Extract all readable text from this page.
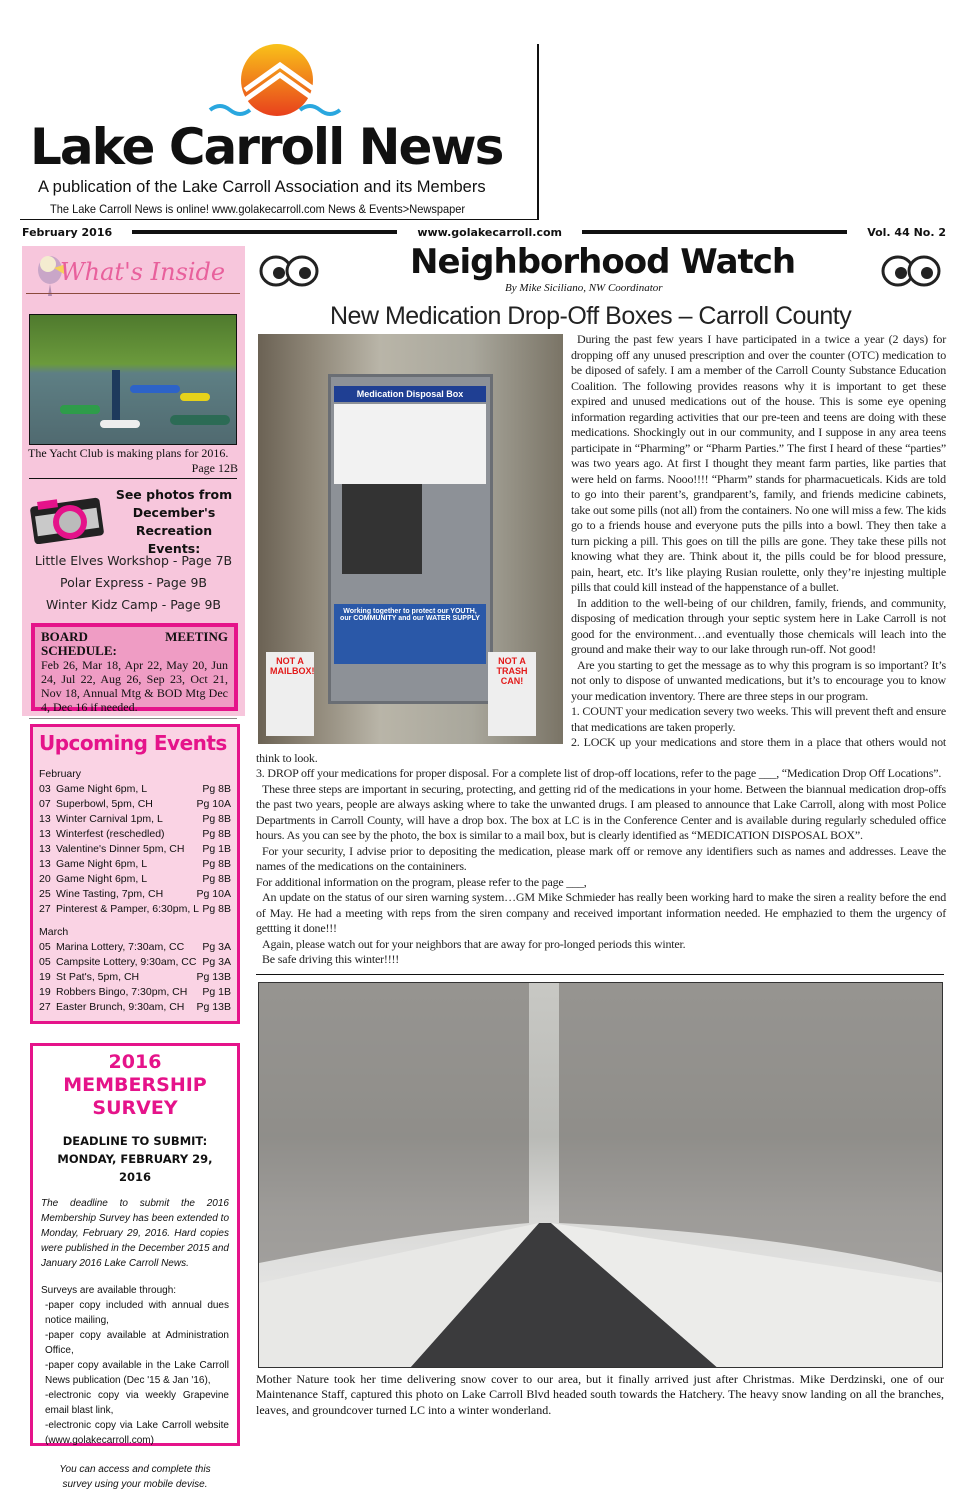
Lake Carroll News
A publication of the Lake Carroll Association and its Members
The Lake Carroll News is online! www.golakecarroll.com News & Events>Newspaper
February 2016	www.golakecarroll.com	Vol. 44 No. 2
What's Inside
The Yacht Club is making plans for 2016.
Page 12B
See photos from December's Recreation Events:
Little Elves Workshop - Page 7B
Polar Express - Page 9B
Winter Kidz Camp - Page 9B
BOARD MEETING SCHEDULE:
Feb 26, Mar 18, Apr 22, May 20, Jun 24, Jul 22, Aug 26, Sep 23, Oct 21, Nov 18, Annual Mtg & BOD Mtg Dec 4, Dec 16 if needed.
Upcoming Events
February
03 Game Night 6pm, L	Pg 8B
07 Superbowl, 5pm, CH	Pg 10A
13 Winter Carnival 1pm, L	Pg 8B
13 Winterfest (reschedled)	Pg 8B
13 Valentine's Dinner 5pm, CH	Pg 1B
13 Game Night 6pm, L	Pg 8B
20 Game Night 6pm, L	Pg 8B
25 Wine Tasting, 7pm, CH	Pg 10A
27 Pinterest & Pamper, 6:30pm, L Pg 8B
March
05 Marina Lottery, 7:30am, CC	Pg 3A
05 Campsite Lottery, 9:30am, CC Pg 3A
19 St Pat's, 5pm, CH	Pg 13B
19 Robbers Bingo, 7:30pm, CH	Pg 1B
27 Easter Brunch, 9:30am, CH	Pg 13B
2016 MEMBERSHIP SURVEY
DEADLINE TO SUBMIT: MONDAY, FEBRUARY 29, 2016
The deadline to submit the 2016 Membership Survey has been extended to Monday, February 29, 2016. Hard copies were published in the December 2015 and January 2016 Lake Carroll News.
Surveys are available through:
-paper copy included with annual dues notice mailing,
-paper copy available at Administration Office,
-paper copy available in the Lake Carroll News publication (Dec '15 & Jan '16),
-electronic copy via weekly Grapevine email blast link,
-electronic copy via Lake Carroll website (www.golakecarroll.com)
You can access and complete this survey using your mobile devise.
Neighborhood Watch
By Mike Siciliano, NW Coordinator
New Medication Drop-Off Boxes – Carroll County
Medication Disposal Box
Working together to protect our YOUTH, our COMMUNITY and our WATER SUPPLY
NOT A MAILBOX!
NOT A TRASH CAN!

During the past few years I have participated in a twice a year (2 days) for dropping off any unused prescription and over the counter (OTC) medication to be diposed of safely. I am a member of the Carroll County Substance Education Coalition. The following provides reasons why it is important to get these expired and unused medications out of the house. This is some eye opening information regarding activities that our pre-teen and teens are doing with these medications. Shockingly out in our community, and I suppose in any area teens participate in “Pharming” or “Pharm Parties.” The first I heard of these “parties” was two years ago. At first I thought they meant farm parties, like parties that were held on farms. Nooo!!!! “Pharm” stands for pharmacueticals. Kids are told to go into their parent’s, grandparent’s, family, and friends medicine cabinets, take out some pills (not all) from the containers. No one will miss a few. The kids go to a friends house and everyone puts the pills into a bowl. They then take a turn picking a pill. This goes on till the pills are gone. They take these pills not knowing what they are. Think about it, the pills could be for blood pressure, pain, heart, etc. It’s like playing Rusian roulette, only they’re injesting multiple pills that could kill instead of the happenstance of a bullet.

In addition to the well-being of our children, family, friends, and community, disposing of medication through your septic system here in Lake Carroll is not good for the environment…and eventually those chemicals will leach into the ground and make their way to our lake through run-off. Not good!

Are you starting to get the message as to why this program is so important? It’s not only to dispose of unwanted medications, but it’s to encourage you to know your medication inventory. There are three steps in our program.

1. COUNT your medication severy two weeks. This will prevent theft and ensure that medications are taken properly.

2. LOCK up your medications and store them in a place that others would not think to look.

3. DROP off your medications for proper disposal. For a complete list of drop-off locations, refer to the page ___, “Medication Drop Off Locations”.

These three steps are important in securing, protecting, and getting rid of the medications in your home. Between the biannual medication drop-offs the past two years, people are always asking where to take the unwanted drugs. I am pleased to announce that Lake Carroll, along with most Police Departments in Carroll County, will have a drop box. The box at LC is in the Conference Center and is available during regularly scheduled office hours. As you can see by the photo, the box is similar to a mail box, but is clearly identified as “MEDICATION DISPOSAL BOX”.

For your security, I advise prior to depositing the medication, please mark off or remove any identifiers such as names and addresses. Leave the names of the medications on the containiners.

For additional information on the program, please refer to the page ___,

An update on the status of our siren warning system…GM Mike Schmieder has really been working hard to make the siren a reality before the end of May. He had a meeting with reps from the siren company and received important information needed. He emphazied to them the urgency of gettting it done!!!

Again, please watch out for your neighbors that are away for pro-longed periods this winter.

Be safe driving this winter!!!!

Mother Nature took her time delivering snow cover to our area, but it finally arrived just after Christmas. Mike Derdzinski, one of our Maintenance Staff, captured this photo on Lake Carroll Blvd headed south towards the Hatchery. The heavy snow landing on all the branches, leaves, and groundcover turned LC into a winter wonderland.
